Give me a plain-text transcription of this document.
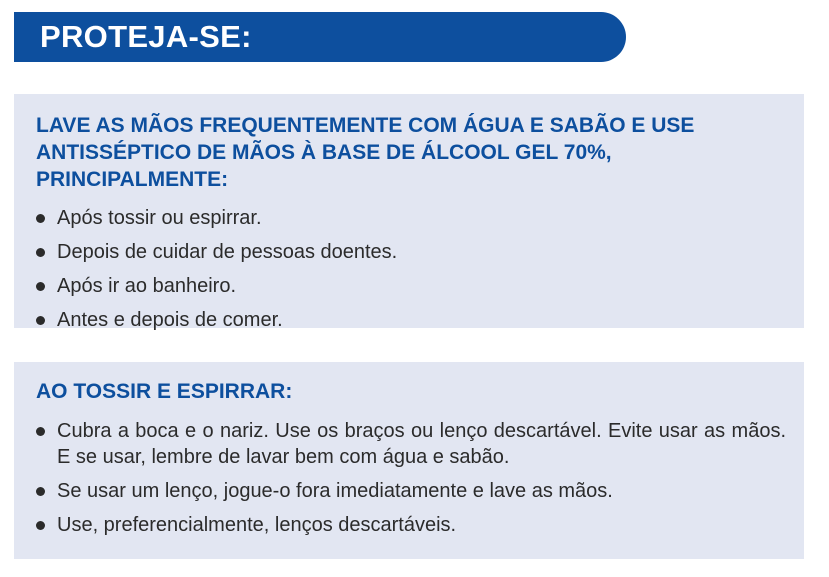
PROTEJA-SE:
LAVE AS MÃOS FREQUENTEMENTE COM ÁGUA E SABÃO E USE ANTISSÉPTICO DE MÃOS À BASE DE ÁLCOOL GEL 70%, PRINCIPALMENTE:
Após tossir ou espirrar.
Depois de cuidar de pessoas doentes.
Após ir ao banheiro.
Antes e depois de comer.
AO TOSSIR E ESPIRRAR:
Cubra a boca e o nariz. Use os braços ou lenço descartável. Evite usar as mãos. E se usar, lembre de lavar bem com água e sabão.
Se usar um lenço, jogue-o fora imediatamente e lave as mãos.
Use, preferencialmente, lenços descartáveis.
